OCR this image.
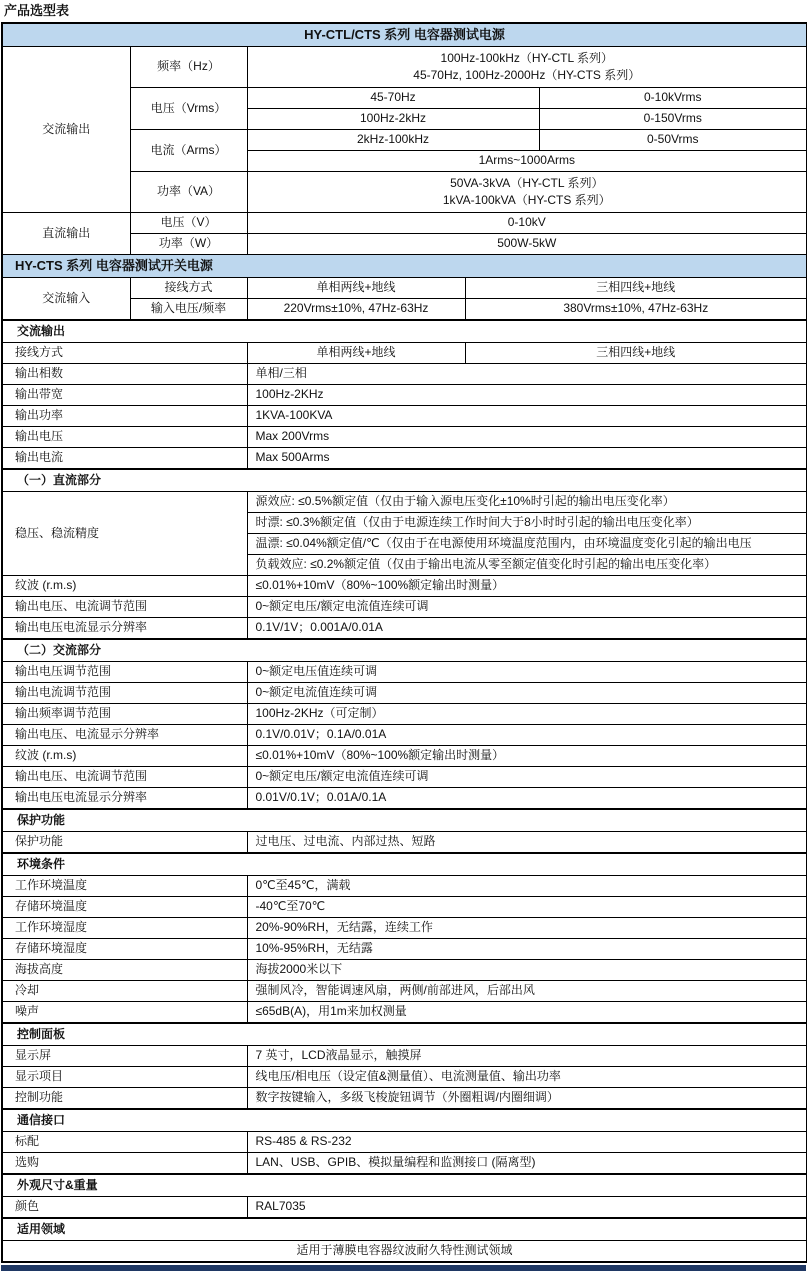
产品选型表
HY-CTL/CTS 系列 电容器测试电源				
交流输出	频率（Hz）	100Hz-100kHz（HY-CTL 系列）
45-70Hz, 100Hz-2000Hz（HY-CTS 系列）		
	电压（Vrms）	45-70Hz		0-10kVrms
		100Hz-2kHz		0-150Vrms
	电流（Arms）	2kHz-100kHz		0-50Vrms
		1Arms~1000Arms		
	功率（VA）	50VA-3kVA（HY-CTL 系列）
1kVA-100kVA（HY-CTS 系列）		
直流输出	电压（V）	0-10kV		
	功率（W）	500W-5kW		
HY-CTS 系列 电容器测试开关电源				
交流输入	接线方式	单相两线+地线	三相四线+地线	
	输入电压/频率	220Vrms±10%, 47Hz-63Hz	380Vrms±10%, 47Hz-63Hz	
交流输出				
接线方式		单相两线+地线	三相四线+地线	
输出相数		单相/三相		
输出带宽		100Hz-2KHz		
输出功率		1KVA-100KVA		
输出电压		Max 200Vrms		
输出电流		Max 500Arms		
（一）直流部分				
稳压、稳流精度		源效应: ≤0.5%额定值（仅由于输入源电压变化±10%时引起的输出电压变化率）		
		时漂: ≤0.3%额定值（仅由于电源连续工作时间大于8小时时引起的输出电压变化率）		
		温漂: ≤0.04%额定值/℃（仅由于在电源使用环境温度范围内，由环境温度变化引起的输出电压		
		负载效应: ≤0.2%额定值（仅由于输出电流从零至额定值变化时引起的输出电压变化率）		
纹波 (r.m.s)		≤0.01%+10mV（80%~100%额定输出时测量）		
输出电压、电流调节范围		0~额定电压/额定电流值连续可调		
输出电压电流显示分辨率		0.1V/1V；0.001A/0.01A		
（二）交流部分				
输出电压调节范围		0~额定电压值连续可调		
输出电流调节范围		0~额定电流值连续可调		
输出频率调节范围		100Hz-2KHz（可定制）		
输出电压、电流显示分辨率		0.1V/0.01V；0.1A/0.01A		
纹波 (r.m.s)		≤0.01%+10mV（80%~100%额定输出时测量）		
输出电压、电流调节范围		0~额定电压/额定电流值连续可调		
输出电压电流显示分辨率		0.01V/0.1V；0.01A/0.1A		
保护功能				
保护功能		过电压、过电流、内部过热、短路		
环境条件				
工作环境温度		0℃至45℃，满载		
存储环境温度		-40℃至70℃		
工作环境湿度		20%-90%RH，无结露，连续工作		
存储环境湿度		10%-95%RH，无结露		
海拔高度		海拔2000米以下		
冷却		强制风冷，智能调速风扇，两侧/前部进风，后部出风		
噪声		≤65dB(A)，用1m来加权测量		
控制面板				
显示屏		7 英寸，LCD液晶显示，触摸屏		
显示项目		线电压/相电压（设定值&测量值）、电流测量值、输出功率		
控制功能		数字按键输入，多级飞梭旋钮调节（外圈粗调/内圈细调）		
通信接口				
标配		RS-485 & RS-232		
选购		LAN、USB、GPIB、模拟量编程和监测接口 (隔离型)		
外观尺寸&重量				
颜色		RAL7035		
适用领域				
适用于薄膜电容器纹波耐久特性测试领域				
